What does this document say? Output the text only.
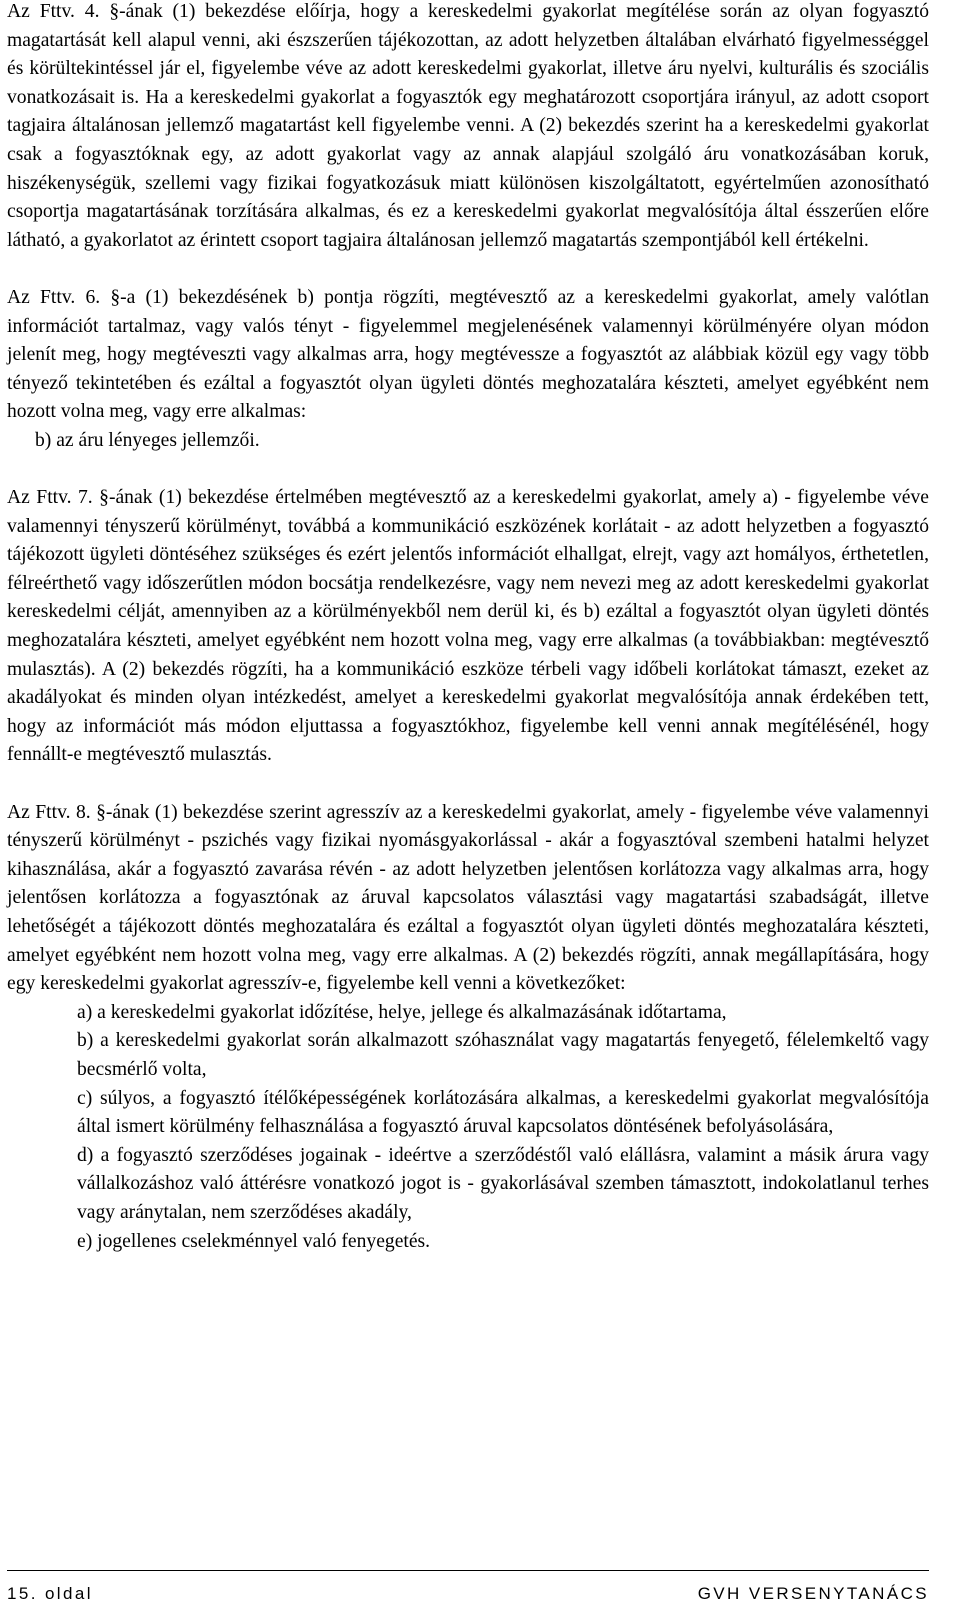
Az Fttv. 4. §-ának (1) bekezdése előírja, hogy a kereskedelmi gyakorlat megítélése során az olyan fogyasztó magatartását kell alapul venni, aki észszerűen tájékozottan, az adott helyzetben általában elvárható figyelmességgel és körültekintéssel jár el, figyelembe véve az adott kereskedelmi gyakorlat, illetve áru nyelvi, kulturális és szociális vonatkozásait is. Ha a kereskedelmi gyakorlat a fogyasztók egy meghatározott csoportjára irányul, az adott csoport tagjaira általánosan jellemző magatartást kell figyelembe venni. A (2) bekezdés szerint ha a kereskedelmi gyakorlat csak a fogyasztóknak egy, az adott gyakorlat vagy az annak alapjául szolgáló áru vonatkozásában koruk, hiszékenységük, szellemi vagy fizikai fogyatkozásuk miatt különösen kiszolgáltatott, egyértelműen azonosítható csoportja magatartásának torzítására alkalmas, és ez a kereskedelmi gyakorlat megvalósítója által ésszerűen előre látható, a gyakorlatot az érintett csoport tagjaira általánosan jellemző magatartás szempontjából kell értékelni.

Az Fttv. 6. §-a (1) bekezdésének b) pontja rögzíti, megtévesztő az a kereskedelmi gyakorlat, amely valótlan információt tartalmaz, vagy valós tényt - figyelemmel megjelenésének valamennyi körülményére olyan módon jelenít meg, hogy megtéveszti vagy alkalmas arra, hogy megtévessze a fogyasztót az alábbiak közül egy vagy több tényező tekintetében és ezáltal a fogyasztót olyan ügyleti döntés meghozatalára készteti, amelyet egyébként nem hozott volna meg, vagy erre alkalmas:

b) az áru lényeges jellemzői.

Az Fttv. 7. §-ának (1) bekezdése értelmében megtévesztő az a kereskedelmi gyakorlat, amely a) - figyelembe véve valamennyi tényszerű körülményt, továbbá a kommunikáció eszközének korlátait - az adott helyzetben a fogyasztó tájékozott ügyleti döntéséhez szükséges és ezért jelentős információt elhallgat, elrejt, vagy azt homályos, érthetetlen, félreérthető vagy időszerűtlen módon bocsátja rendelkezésre, vagy nem nevezi meg az adott kereskedelmi gyakorlat kereskedelmi célját, amennyiben az a körülményekből nem derül ki, és b) ezáltal a fogyasztót olyan ügyleti döntés meghozatalára készteti, amelyet egyébként nem hozott volna meg, vagy erre alkalmas (a továbbiakban: megtévesztő mulasztás). A (2) bekezdés rögzíti, ha a kommunikáció eszköze térbeli vagy időbeli korlátokat támaszt, ezeket az akadályokat és minden olyan intézkedést, amelyet a kereskedelmi gyakorlat megvalósítója annak érdekében tett, hogy az információt más módon eljuttassa a fogyasztókhoz, figyelembe kell venni annak megítélésénél, hogy fennállt-e megtévesztő mulasztás.

Az Fttv. 8. §-ának (1) bekezdése szerint agresszív az a kereskedelmi gyakorlat, amely - figyelembe véve valamennyi tényszerű körülményt - pszichés vagy fizikai nyomásgyakorlással - akár a fogyasztóval szembeni hatalmi helyzet kihasználása, akár a fogyasztó zavarása révén - az adott helyzetben jelentősen korlátozza vagy alkalmas arra, hogy jelentősen korlátozza a fogyasztónak az áruval kapcsolatos választási vagy magatartási szabadságát, illetve lehetőségét a tájékozott döntés meghozatalára és ezáltal a fogyasztót olyan ügyleti döntés meghozatalára készteti, amelyet egyébként nem hozott volna meg, vagy erre alkalmas. A (2) bekezdés rögzíti, annak megállapítására, hogy egy kereskedelmi gyakorlat agresszív-e, figyelembe kell venni a következőket:

a) a kereskedelmi gyakorlat időzítése, helye, jellege és alkalmazásának időtartama,

b) a kereskedelmi gyakorlat során alkalmazott szóhasználat vagy magatartás fenyegető, félelemkeltő vagy becsmérlő volta,

c) súlyos, a fogyasztó ítélőképességének korlátozására alkalmas, a kereskedelmi gyakorlat megvalósítója által ismert körülmény felhasználása a fogyasztó áruval kapcsolatos döntésének befolyásolására,

d) a fogyasztó szerződéses jogainak - ideértve a szerződéstől való elállásra, valamint a másik árura vagy vállalkozáshoz való áttérésre vonatkozó jogot is - gyakorlásával szemben támasztott, indokolatlanul terhes vagy aránytalan, nem szerződéses akadály,

e) jogellenes cselekménnyel való fenyegetés.

15. oldal	GVH VERSENYTANÁCS
